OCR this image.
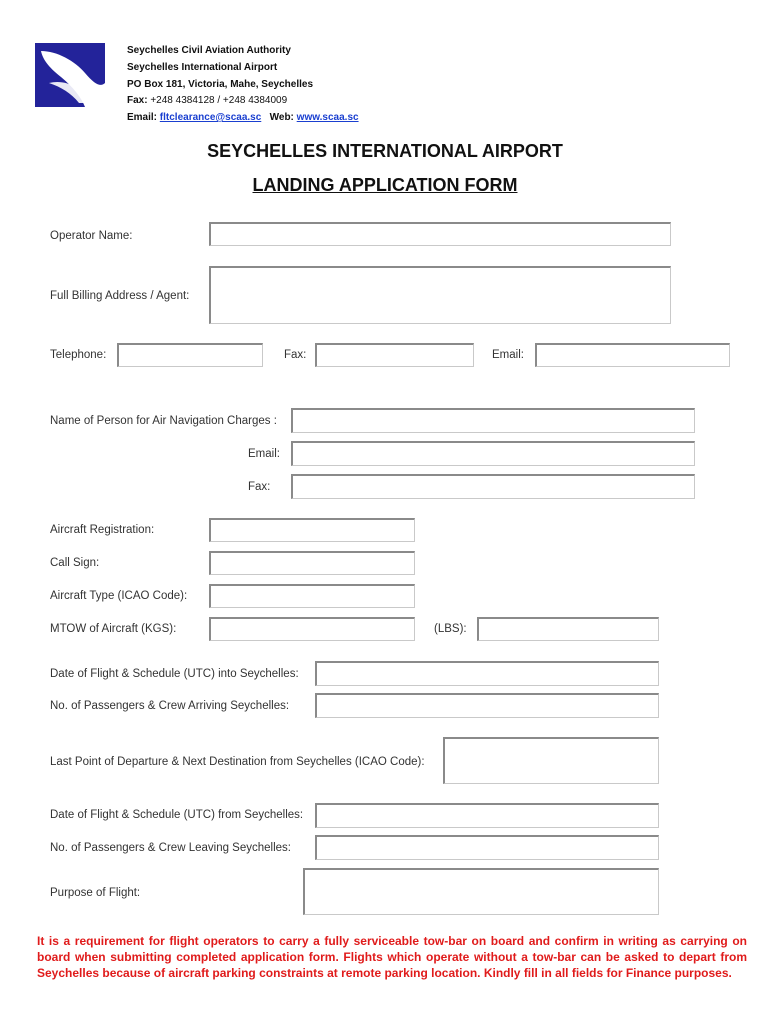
Seychelles Civil Aviation Authority
Seychelles International Airport
PO Box 181, Victoria, Mahe, Seychelles
Fax: +248 4384128 / +248 4384009
Email: fltclearance@scaa.sc Web: www.scaa.sc
SEYCHELLES INTERNATIONAL AIRPORT
LANDING APPLICATION FORM
Operator Name:
Full Billing Address / Agent:
Telephone:	Fax:	Email:
Name of Person for Air Navigation Charges :
Email:
Fax:
Aircraft Registration:
Call Sign:
Aircraft Type (ICAO Code):
MTOW of Aircraft (KGS):	(LBS):
Date of Flight & Schedule (UTC) into Seychelles:
No. of Passengers & Crew Arriving Seychelles:
Last Point of Departure & Next Destination from Seychelles (ICAO Code):
Date of Flight & Schedule (UTC) from Seychelles:
No. of Passengers & Crew Leaving Seychelles:
Purpose of Flight:
It is a requirement for flight operators to carry a fully serviceable tow-bar on board and confirm in writing as carrying on board when submitting completed application form. Flights which operate without a tow-bar can be asked to depart from Seychelles because of aircraft parking constraints at remote parking location. Kindly fill in all fields for Finance purposes.
